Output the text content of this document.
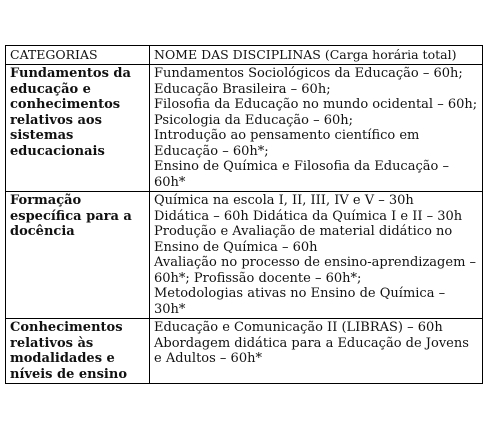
CATEGORIAS	NOME DAS DISCIPLINAS (Carga horária total)
Fundamentos da educação e conhecimentos relativos aos sistemas educacionais	Fundamentos Sociológicos da Educação – 60h;
Educação Brasileira – 60h;
Filosofia da Educação no mundo ocidental – 60h; Psicologia da Educação – 60h;
Introdução ao pensamento científico em Educação – 60h*;
Ensino de Química e Filosofia da Educação – 60h*

Formação específica para a docência	Química na escola I, II, III, IV e V – 30h
Didática – 60h Didática da Química I e II – 30h
Produção e Avaliação de material didático no Ensino de Química – 60h
Avaliação no processo de ensino-aprendizagem – 60h*; Profissão docente – 60h*;
Metodologias ativas no Ensino de Química – 30h*

Conhecimentos relativos às modalidades e níveis de ensino	Educação e Comunicação II (LIBRAS) – 60h
Abordagem didática para a Educação de Jovens e Adultos – 60h*
